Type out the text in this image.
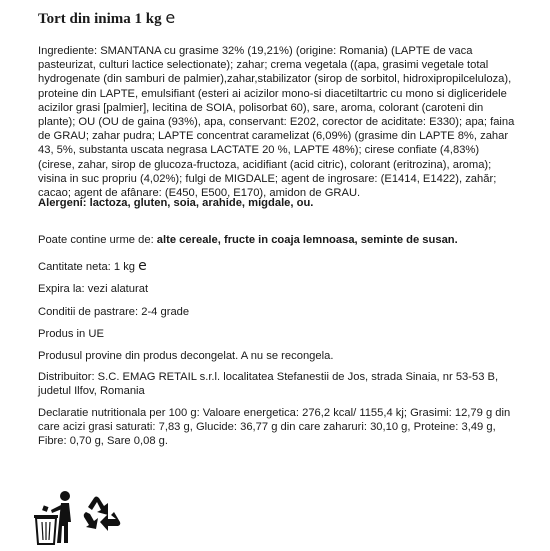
Tort din inima 1 kg e

Ingrediente: SMANTANA cu grasime 32% (19,21%) (origine: Romania) (LAPTE de vaca pasteurizat, culturi lactice selectionate); zahar; crema vegetala ((apa, grasimi vegetale total hydrogenate (din samburi de palmier),zahar,stabilizator (sirop de sorbitol, hidroxipropilceluloza), proteine din LAPTE, emulsifiant (esteri ai acizilor mono-si diacetiltartric cu mono si digliceridele acizilor grasi [palmier], lecitina de SOIA, polisorbat 60), sare, aroma, colorant (caroteni din plante); OU (OU de gaina (93%), apa, conservant: E202, corector de aciditate: E330); apa; faina de GRAU; zahar pudra; LAPTE concentrat caramelizat (6,09%) (grasime din LAPTE 8%, zahar 43, 5%, substanta uscata negrasa LACTATE 20 %, LAPTE 48%); cirese confiate (4,83%) (cirese, zahar, sirop de glucoza-fructoza, acidifiant (acid citric), colorant (eritrozina), aroma); visina in suc propriu (4,02%); fulgi de MIGDALE; agent de ingrosare: (E1414, E1422), zahăr; cacao; agent de afânare: (E450, E500, E170), amidon de GRAU.

Alergeni: lactoza, gluten, soia, arahide, migdale, ou.

Poate contine urme de: alte cereale, fructe in coaja lemnoasa, seminte de susan.

Cantitate neta: 1 kg e

Expira la: vezi alaturat

Conditii de pastrare: 2-4 grade

Produs in UE

Produsul provine din produs decongelat. A nu se recongela.

Distribuitor: S.C. EMAG RETAIL s.r.l. localitatea Stefanestii de Jos, strada Sinaia, nr 53-53 B, judetul Ilfov, Romania

Declaratie nutritionala per 100 g: Valoare energetica: 276,2 kcal/ 1155,4 kj; Grasimi: 12,79 g din care acizi grasi saturati: 7,83 g, Glucide: 36,77 g din care zaharuri: 30,10 g, Proteine: 3,49 g, Fibre: 0,70 g, Sare 0,08 g.
